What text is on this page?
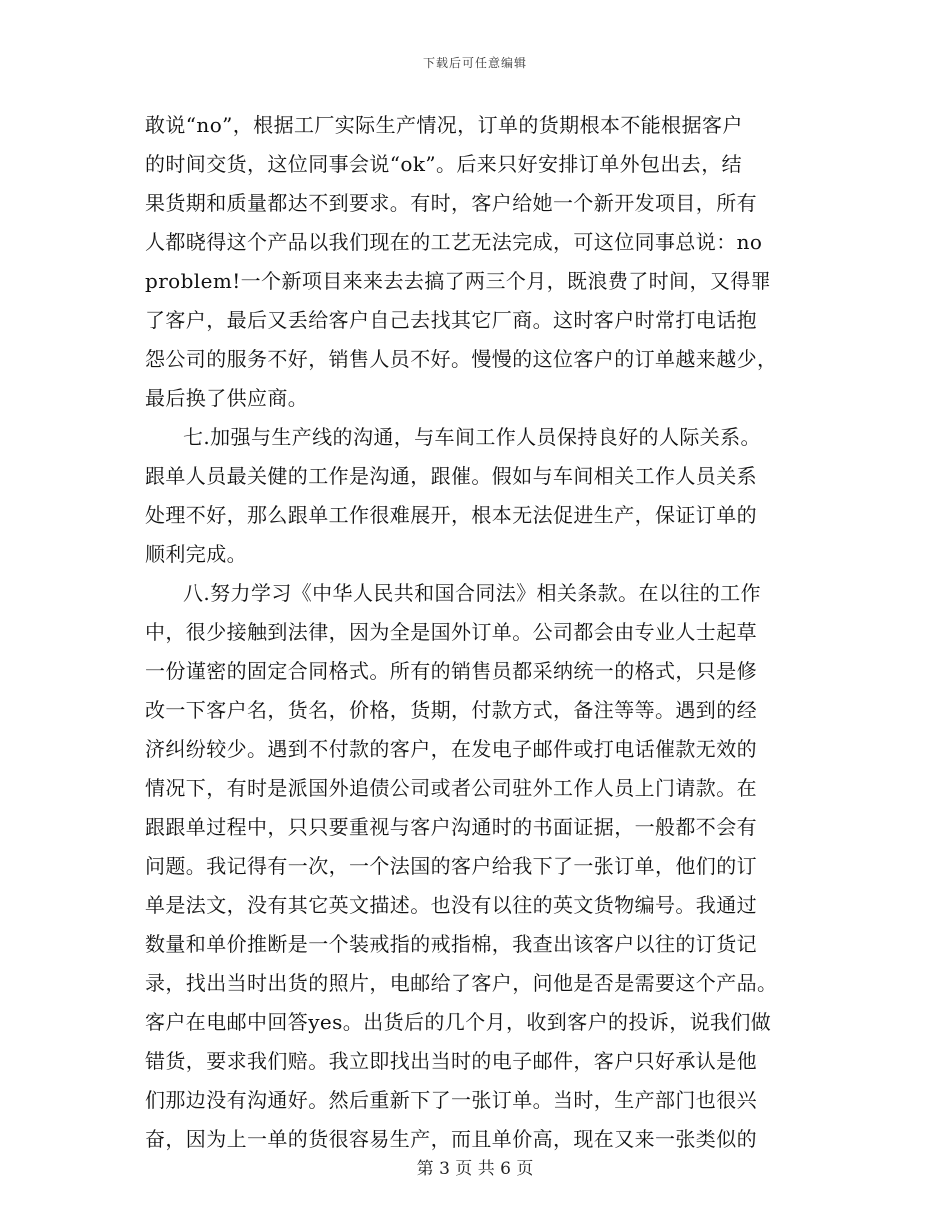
下载后可任意编辑
敢说“no”，根据工厂实际生产情况，订单的货期根本不能根据客户
的时间交货，这位同事会说“ok”。后来只好安排订单外包出去，结
果货期和质量都达不到要求。有时，客户给她一个新开发项目，所有
人都晓得这个产品以我们现在的工艺无法完成，可这位同事总说：no
problem!一个新项目来来去去搞了两三个月，既浪费了时间，又得罪
了客户，最后又丢给客户自己去找其它厂商。这时客户时常打电话抱
怨公司的服务不好，销售人员不好。慢慢的这位客户的订单越来越少，
最后换了供应商。
七.加强与生产线的沟通，与车间工作人员保持良好的人际关系。
跟单人员最关健的工作是沟通，跟催。假如与车间相关工作人员关系
处理不好，那么跟单工作很难展开，根本无法促进生产，保证订单的
顺利完成。
八.努力学习《中华人民共和国合同法》相关条款。在以往的工作
中，很少接触到法律，因为全是国外订单。公司都会由专业人士起草
一份谨密的固定合同格式。所有的销售员都采纳统一的格式，只是修
改一下客户名，货名，价格，货期，付款方式，备注等等。遇到的经
济纠纷较少。遇到不付款的客户，在发电子邮件或打电话催款无效的
情况下，有时是派国外追债公司或者公司驻外工作人员上门请款。在
跟跟单过程中，只只要重视与客户沟通时的书面证据，一般都不会有
问题。我记得有一次，一个法国的客户给我下了一张订单，他们的订
单是法文，没有其它英文描述。也没有以往的英文货物编号。我通过
数量和单价推断是一个装戒指的戒指棉，我查出该客户以往的订货记
录，找出当时出货的照片，电邮给了客户，问他是否是需要这个产品。
客户在电邮中回答yes。出货后的几个月，收到客户的投诉，说我们做
错货，要求我们赔。我立即找出当时的电子邮件，客户只好承认是他
们那边没有沟通好。然后重新下了一张订单。当时，生产部门也很兴
奋，因为上一单的货很容易生产，而且单价高，现在又来一张类似的
第 3 页 共 6 页
